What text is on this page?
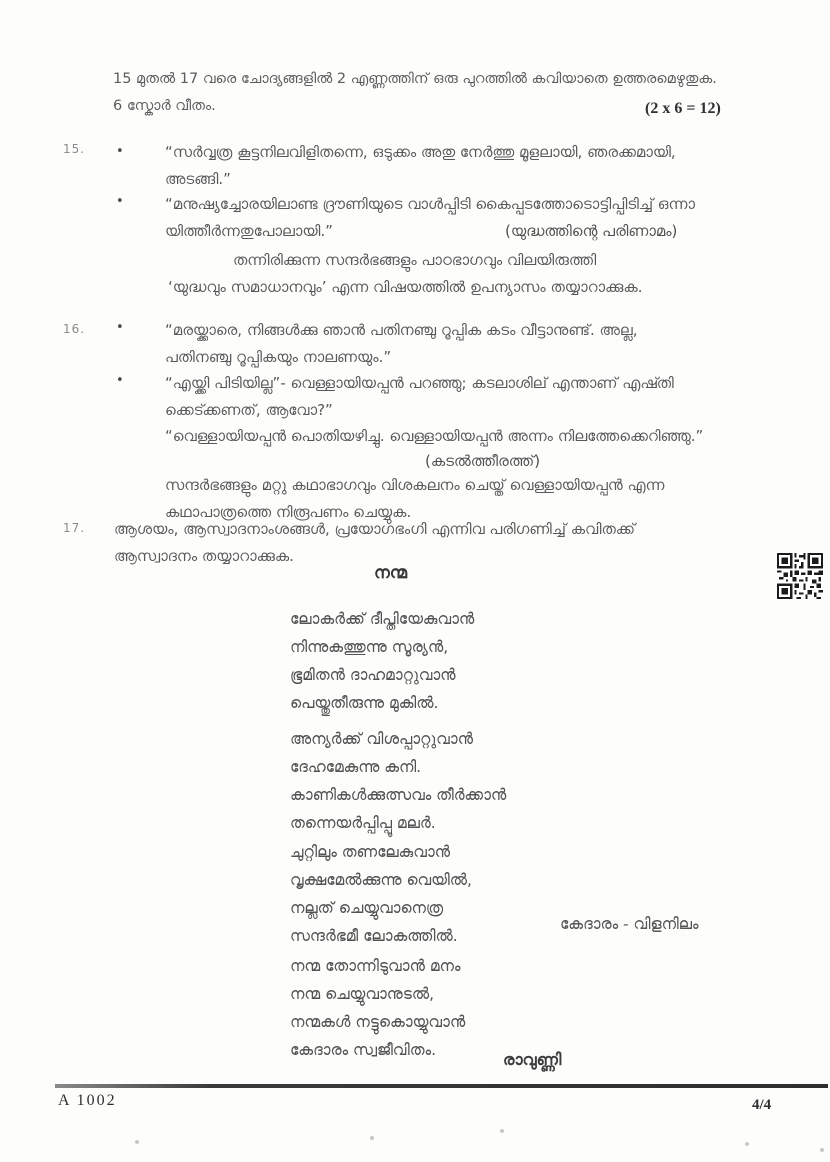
15 മുതൽ 17 വരെ ചോദ്യങ്ങളിൽ 2 എണ്ണത്തിന് ഒരു പുറത്തിൽ കവിയാതെ ഉത്തരമെഴുതുക.
6 സ്കോർ വീതം.	(2 x 6 = 12)
15. •	“സർവ്വത്ര കൂട്ടനിലവിളിതന്നെ, ഒടുക്കം അതു നേർത്തു മൂളലായി, ഞരക്കമായി,
അടങ്ങി.”
•	“മനുഷ്യച്ചോരയിലാണ്ട ദ്രൗണിയുടെ വാൾപ്പിടി കൈപ്പടത്തോടൊട്ടിപ്പിടിച്ച് ഒന്നാ
യിത്തീർന്നതുപോലായി.”	(യുദ്ധത്തിന്റെ പരിണാമം)
തന്നിരിക്കുന്ന സന്ദർഭങ്ങളും പാഠഭാഗവും വിലയിരുത്തി
‘യുദ്ധവും സമാധാനവും’ എന്ന വിഷയത്തിൽ ഉപന്യാസം തയ്യാറാക്കുക.
16. •	“മരയ്ക്കാരെ, നിങ്ങൾക്കു ഞാൻ പതിനഞ്ചു റൂപ്പിക കടം വീട്ടാനുണ്ട്. അല്ല,
പതിനഞ്ചു റൂപ്പികയും നാലണയും.”
•	“എയ്ക്കി പിടിയില്ല”- വെള്ളായിയപ്പൻ പറഞ്ഞു; കടലാശില് എന്താണ് എഷ്തി
ക്കെട്ക്കണത്, ആവോ?”
“വെള്ളായിയപ്പൻ പൊതിയഴിച്ചു. വെള്ളായിയപ്പൻ അന്നം നിലത്തേക്കെറിഞ്ഞു.”
(കടൽത്തീരത്ത്)
സന്ദർഭങ്ങളും മറ്റു കഥാഭാഗവും വിശകലനം ചെയ്ത് വെള്ളായിയപ്പൻ എന്ന
കഥാപാത്രത്തെ നിരൂപണം ചെയ്യുക.
17. ആശയം, ആസ്വാദനാംശങ്ങൾ, പ്രയോഗഭംഗി എന്നിവ പരിഗണിച്ച് കവിതക്ക്
ആസ്വാദനം തയ്യാറാക്കുക.
നന്മ
ലോകർക്ക് ദീപ്തിയേകുവാൻ
നിന്നുകത്തുന്നു സൂര്യൻ,
ഭൂമിതൻ ദാഹമാറ്റുവാൻ
പെയ്തുതീരുന്നു മുകിൽ.
അന്യർക്ക് വിശപ്പാറ്റുവാൻ
ദേഹമേകുന്നു കനി.
കാണികൾക്കുത്സവം തീർക്കാൻ
തന്നെയർപ്പിപ്പൂ മലർ.
ചുറ്റിലും തണലേകുവാൻ
വൃക്ഷമേൽക്കുന്നു വെയിൽ,
നല്ലത് ചെയ്യുവാനെത്ര
സന്ദർഭമീ ലോകത്തിൽ.
കേദാരം - വിളനിലം
നന്മ തോന്നിടുവാൻ മനം
നന്മ ചെയ്യുവാനുടൽ,
നന്മകൾ നട്ടുകൊയ്യുവാൻ
കേദാരം സ്വജീവിതം.	രാവുണ്ണി
A 1002	4/4
